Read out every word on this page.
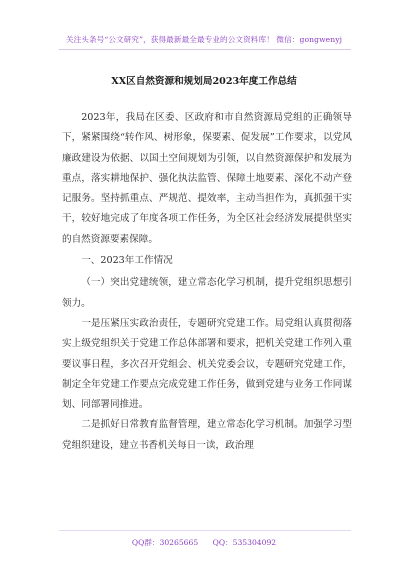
关注头条号“公文研究”，获得最新最全最专业的公文资料库！ 微信：gongwenyj
XX区自然资源和规划局2023年度工作总结

2023年，我局在区委、区政府和市自然资源局党组的正确领导下，紧紧围绕“转作风、树形象，保要素、促发展”工作要求，以党风廉政建设为依据、以国土空间规划为引领，以自然资源保护和发展为重点，落实耕地保护、强化执法监管、保障土地要素、深化不动产登记服务。坚持抓重点、严规范、提效率，主动当担作为，真抓强干实干，较好地完成了年度各项工作任务，为全区社会经济发展提供坚实的自然资源要素保障。

一、2023年工作情况

（一）突出党建统领，建立常态化学习机制，提升党组织思想引领力。

一是压紧压实政治责任，专题研究党建工作。局党组认真贯彻落实上级党组织关于党建工作总体部署和要求，把机关党建工作列入重要议事日程，多次召开党组会、机关党委会议，专题研究党建工作，制定全年党建工作要点完成党建工作任务，做到党建与业务工作同谋划、同部署同推进。

二是抓好日常教育监督管理，建立常态化学习机制。加强学习型党组织建设，建立书香机关每日一读，政治理

QQ群：30265665 QQ：535304092
